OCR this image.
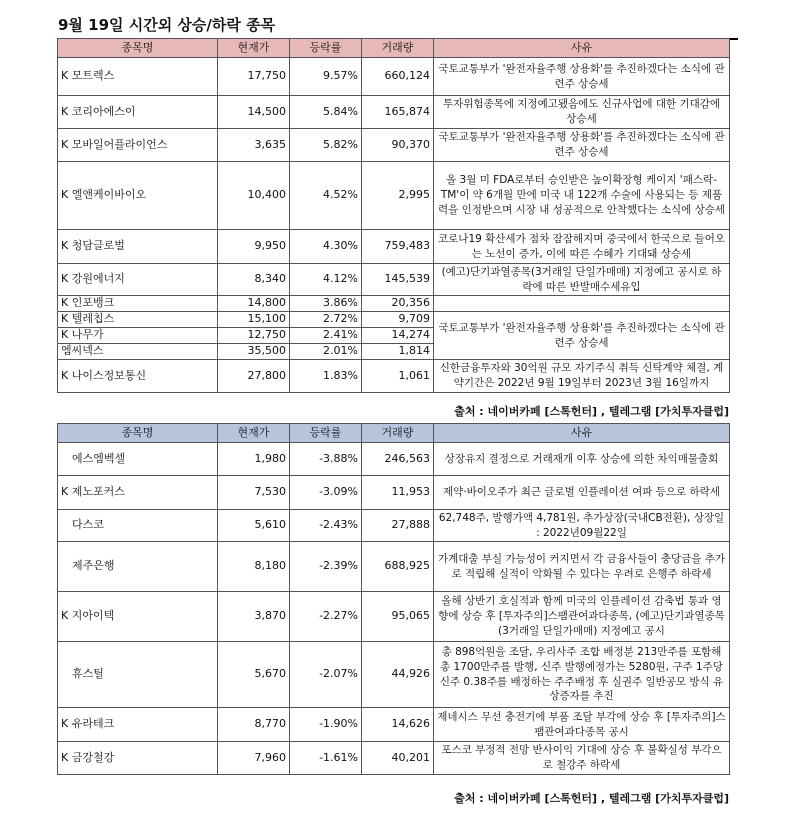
9월 19일 시간외 상승/하락 종목
종목명	현재가	등락률	거래량	사유
K 모트렉스	17,750	9.57%	660,124	국토교통부가 '완전자율주행 상용화'를 추진하겠다는 소식에 관련주 상승세
K 코리아에스이	14,500	5.84%	165,874	투자위험종목에 지정예고됐음에도 신규사업에 대한 기대감에 상승세
K 모바일어플라이언스	3,635	5.82%	90,370	국토교통부가 '완전자율주행 상용화'를 추진하겠다는 소식에 관련주 상승세
K 엘앤케이바이오	10,400	4.52%	2,995	올 3월 미 FDA로부터 승인받은 높이확장형 케이지 '패스락-TM'이 약 6개월 만에 미국 내 122개 수술에 사용되는 등 제품력을 인정받으며 시장 내 성공적으로 안착했다는 소식에 상승세
K 청담글로벌	9,950	4.30%	759,483	코로나19 확산세가 점차 잠잠해지며 중국에서 한국으로 들어오는 노선이 증가, 이에 따른 수혜가 기대돼 상승세
K 강원에너지	8,340	4.12%	145,539	(예고)단기과열종목(3거래일 단일가매매) 지정예고 공시로 하락에 따른 반발매수세유입
K 인포뱅크	14,800	3.86%	20,356	
K 텔레칩스	15,100	2.72%	9,709	국토교통부가 '완전자율주행 상용화'를 추진하겠다는 소식에 관련주 상승세
K 나무가	12,750	2.41%	14,274	
엠씨넥스	35,500	2.01%	1,814	
K 나이스정보통신	27,800	1.83%	1,061	신한금융투자와 30억원 규모 자기주식 취득 신탁계약 체결, 계약기간은 2022년 9월 19일부터 2023년 3월 16일까지
출처 : 네이버카페 [스톡헌터] , 텔레그램 [가치투자클럽]
종목명	현재가	등락률	거래량	사유
에스엠벡셀	1,980	-3.88%	246,563	상장유지 결정으로 거래재개 이후 상승에 의한 차익매물출회
K 제노포커스	7,530	-3.09%	11,953	제약·바이오주가 최근 글로벌 인플레이션 여파 등으로 하락세
다스코	5,610	-2.43%	27,888	62,748주, 발행가액 4,781원, 추가상장(국내CB전환), 상장일 : 2022년09월22일
제주은행	8,180	-2.39%	688,925	가계대출 부실 가능성이 커지면서 각 금융사들이 충당금을 추가로 적립해 실적이 악화될 수 있다는 우려로 은행주 하락세
K 지아이텍	3,870	-2.27%	95,065	올해 상반기 호실적과 함께 미국의 인플레이션 감축법 통과 영향에 상승 후 [투자주의]스팸관여과다종목, (예고)단기과열종목(3거래일 단일가매매) 지정예고 공시
휴스틸	5,670	-2.07%	44,926	총 898억원을 조달, 우리사주 조합 배정분 213만주를 포함해 총 1700만주를 발행, 신주 발행예정가는 5280원, 구주 1주당 신주 0.38주를 배정하는 주주배정 후 실권주 일반공모 방식 유상증자를 추진
K 유라테크	8,770	-1.90%	14,626	제네시스 무선 충전기에 부품 조달 부각에 상승 후 [투자주의]스팸관여과다종목 공시
K 금강철강	7,960	-1.61%	40,201	포스코 부정적 전망 반사이익 기대에 상승 후 불확실성 부각으로 철강주 하락세
출처 : 네이버카페 [스톡헌터] , 텔레그램 [가치투자클럽]
